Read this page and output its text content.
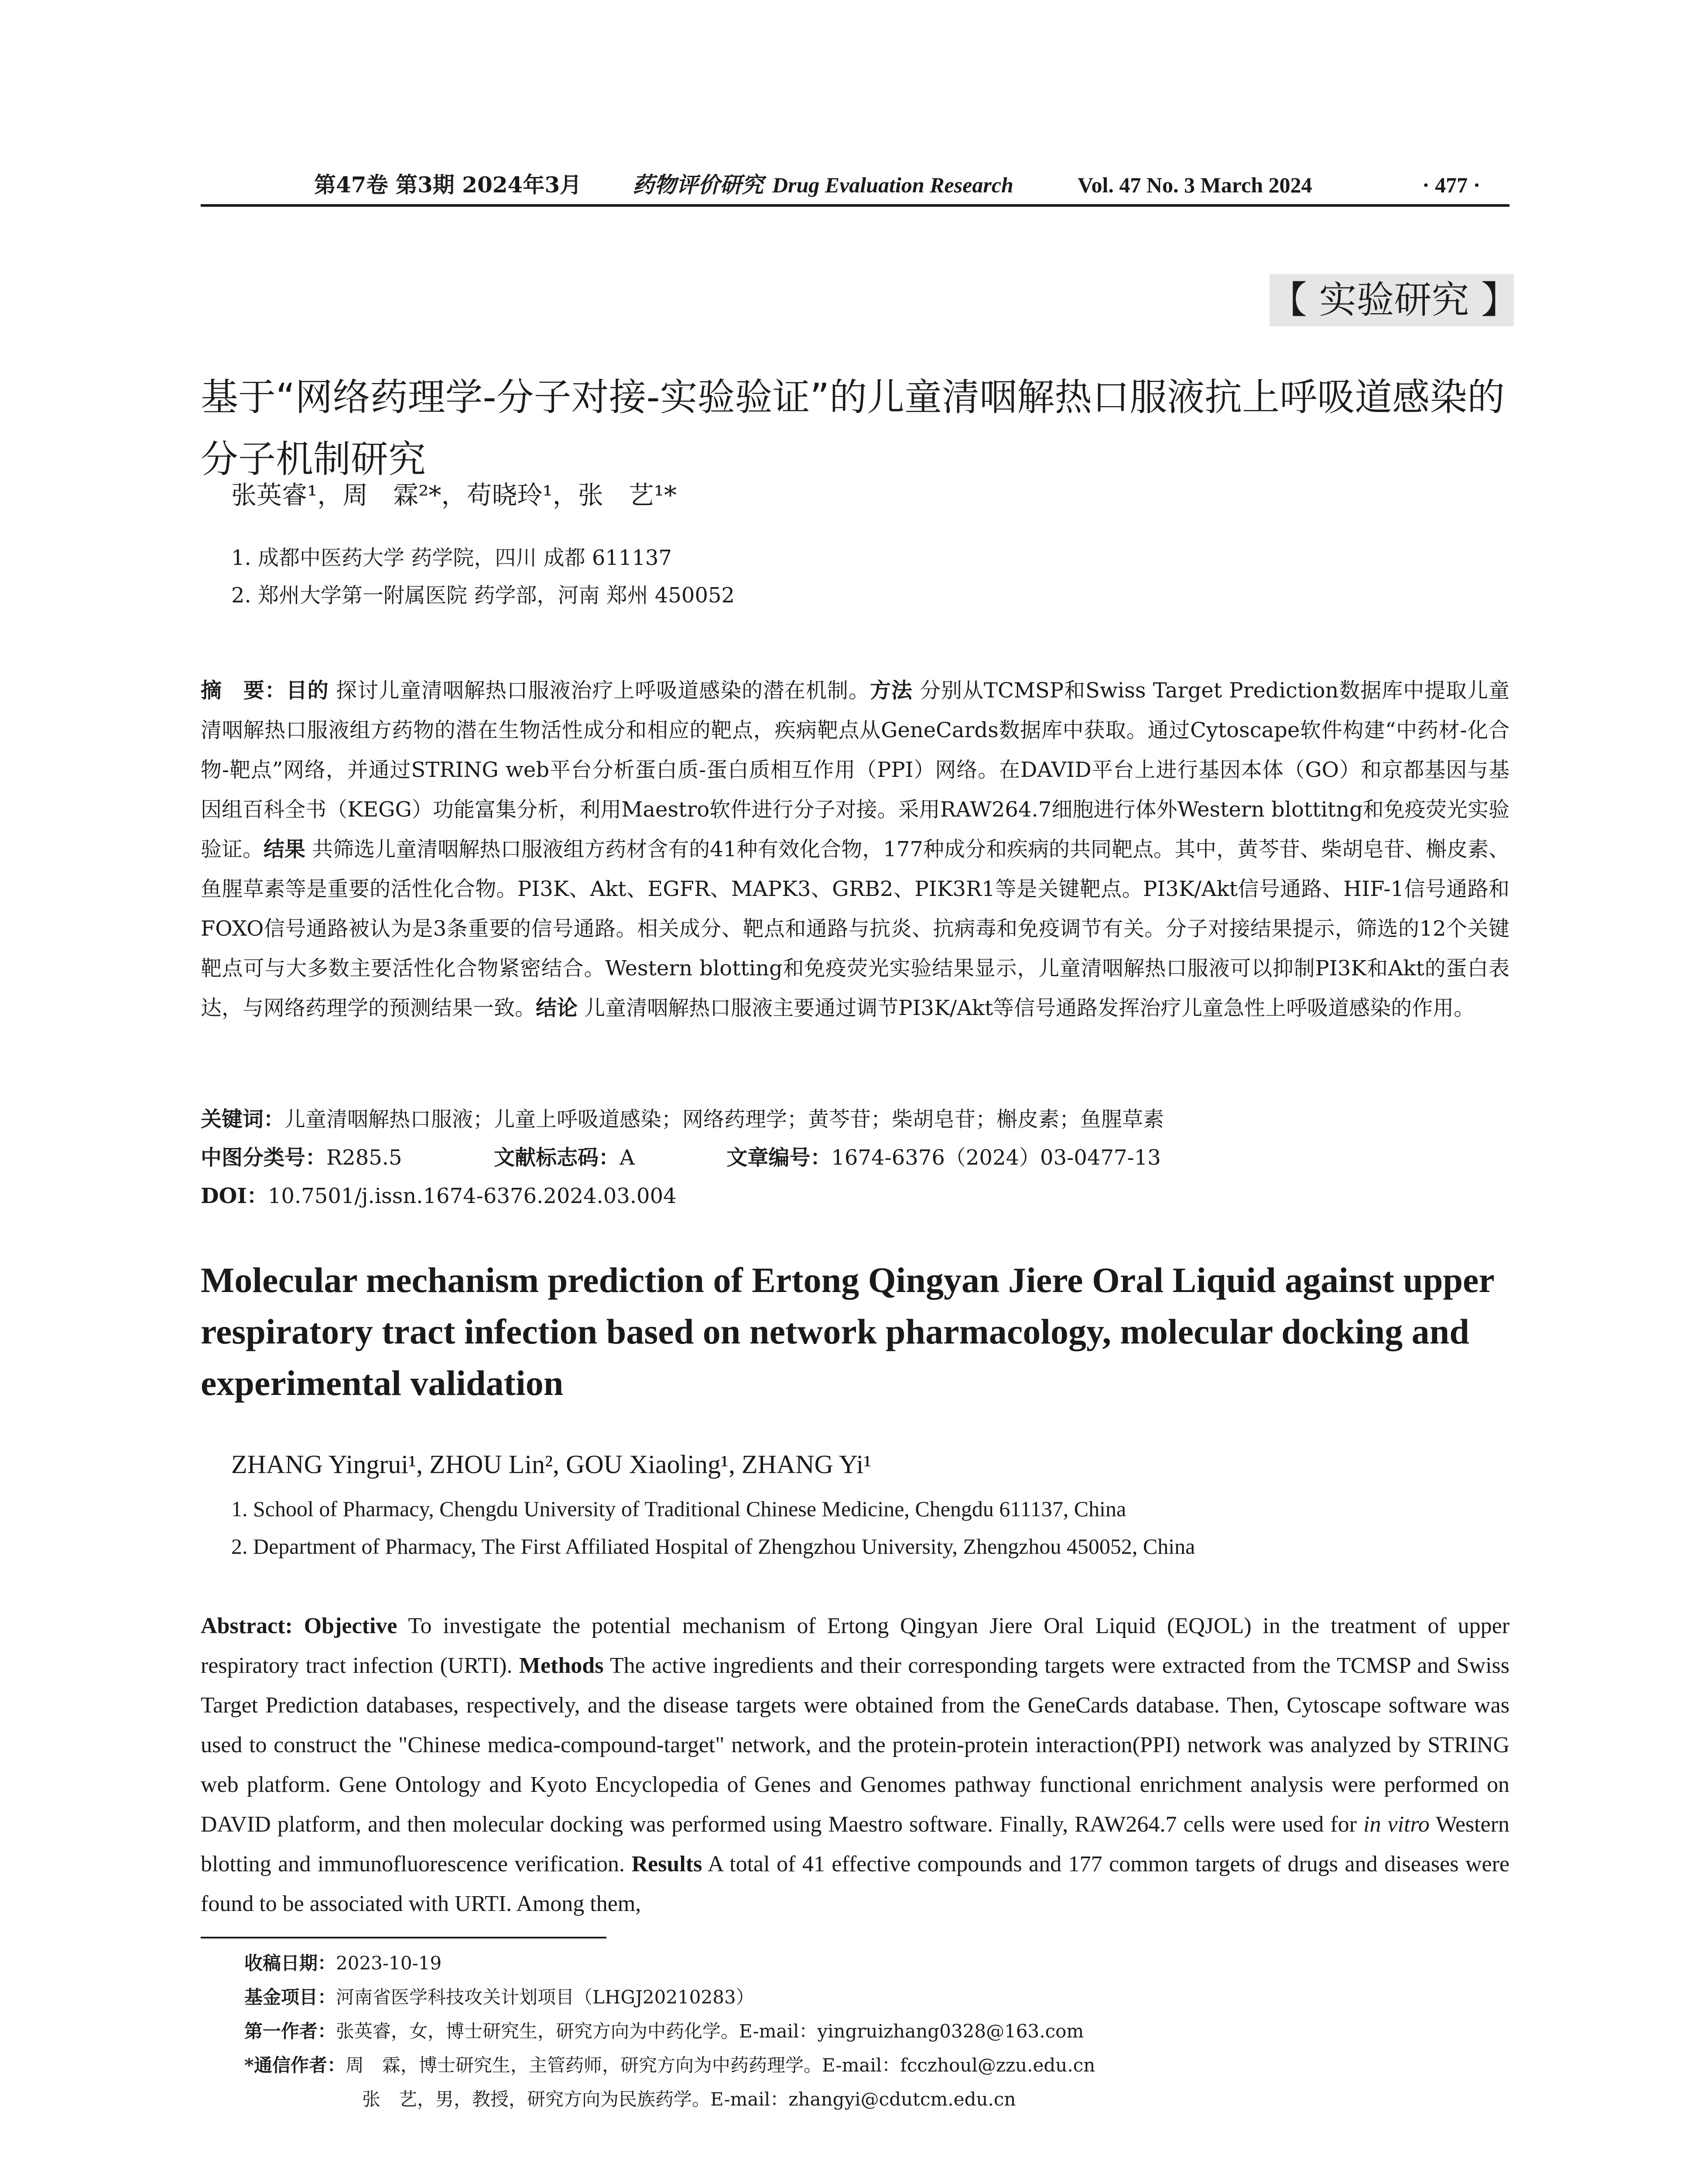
第47卷 第3期 2024年3月 药物评价研究 Drug Evaluation Research	Vol. 47 No. 3 March 2024	· 477 ·
【 实验研究 】
基于“网络药理学-分子对接-实验验证”的儿童清咽解热口服液抗上呼吸道感染的分子机制研究
张英睿¹，周　霖²*，苟晓玲¹，张　艺¹*
1. 成都中医药大学 药学院，四川 成都 611137
2. 郑州大学第一附属医院 药学部，河南 郑州 450052
摘　要：目的 探讨儿童清咽解热口服液治疗上呼吸道感染的潜在机制。方法 分别从TCMSP和Swiss Target Prediction数据库中提取儿童清咽解热口服液组方药物的潜在生物活性成分和相应的靶点，疾病靶点从GeneCards数据库中获取。通过Cytoscape软件构建“中药材-化合物-靶点”网络，并通过STRING web平台分析蛋白质-蛋白质相互作用（PPI）网络。在DAVID平台上进行基因本体（GO）和京都基因与基因组百科全书（KEGG）功能富集分析，利用Maestro软件进行分子对接。采用RAW264.7细胞进行体外Western blottitng和免疫荧光实验验证。结果 共筛选儿童清咽解热口服液组方药材含有的41种有效化合物，177种成分和疾病的共同靶点。其中，黄芩苷、柴胡皂苷、槲皮素、鱼腥草素等是重要的活性化合物。PI3K、Akt、EGFR、MAPK3、GRB2、PIK3R1等是关键靶点。PI3K/Akt信号通路、HIF-1信号通路和FOXO信号通路被认为是3条重要的信号通路。相关成分、靶点和通路与抗炎、抗病毒和免疫调节有关。分子对接结果提示，筛选的12个关键靶点可与大多数主要活性化合物紧密结合。Western blotting和免疫荧光实验结果显示，儿童清咽解热口服液可以抑制PI3K和Akt的蛋白表达，与网络药理学的预测结果一致。结论 儿童清咽解热口服液主要通过调节PI3K/Akt等信号通路发挥治疗儿童急性上呼吸道感染的作用。
关键词：儿童清咽解热口服液；儿童上呼吸道感染；网络药理学；黄芩苷；柴胡皂苷；槲皮素；鱼腥草素
中图分类号：R285.5	文献标志码：A	文章编号：1674-6376（2024）03-0477-13
DOI：10.7501/j.issn.1674-6376.2024.03.004
Molecular mechanism prediction of Ertong Qingyan Jiere Oral Liquid against upper respiratory tract infection based on network pharmacology, molecular docking and experimental validation
ZHANG Yingrui¹, ZHOU Lin², GOU Xiaoling¹, ZHANG Yi¹
1. School of Pharmacy, Chengdu University of Traditional Chinese Medicine, Chengdu 611137, China
2. Department of Pharmacy, The First Affiliated Hospital of Zhengzhou University, Zhengzhou 450052, China
Abstract: Objective To investigate the potential mechanism of Ertong Qingyan Jiere Oral Liquid (EQJOL) in the treatment of upper respiratory tract infection (URTI). Methods The active ingredients and their corresponding targets were extracted from the TCMSP and Swiss Target Prediction databases, respectively, and the disease targets were obtained from the GeneCards database. Then, Cytoscape software was used to construct the "Chinese medica-compound-target" network, and the protein-protein interaction(PPI) network was analyzed by STRING web platform. Gene Ontology and Kyoto Encyclopedia of Genes and Genomes pathway functional enrichment analysis were performed on DAVID platform, and then molecular docking was performed using Maestro software. Finally, RAW264.7 cells were used for in vitro Western blotting and immunofluorescence verification. Results A total of 41 effective compounds and 177 common targets of drugs and diseases were found to be associated with URTI. Among them,
收稿日期：2023-10-19
基金项目：河南省医学科技攻关计划项目（LHGJ20210283）
第一作者：张英睿，女，博士研究生，研究方向为中药化学。E-mail：yingruizhang0328@163.com
*通信作者：周　霖，博士研究生，主管药师，研究方向为中药药理学。E-mail：fcczhoul@zzu.edu.cn
张　艺，男，教授，研究方向为民族药学。E-mail：zhangyi@cdutcm.edu.cn
